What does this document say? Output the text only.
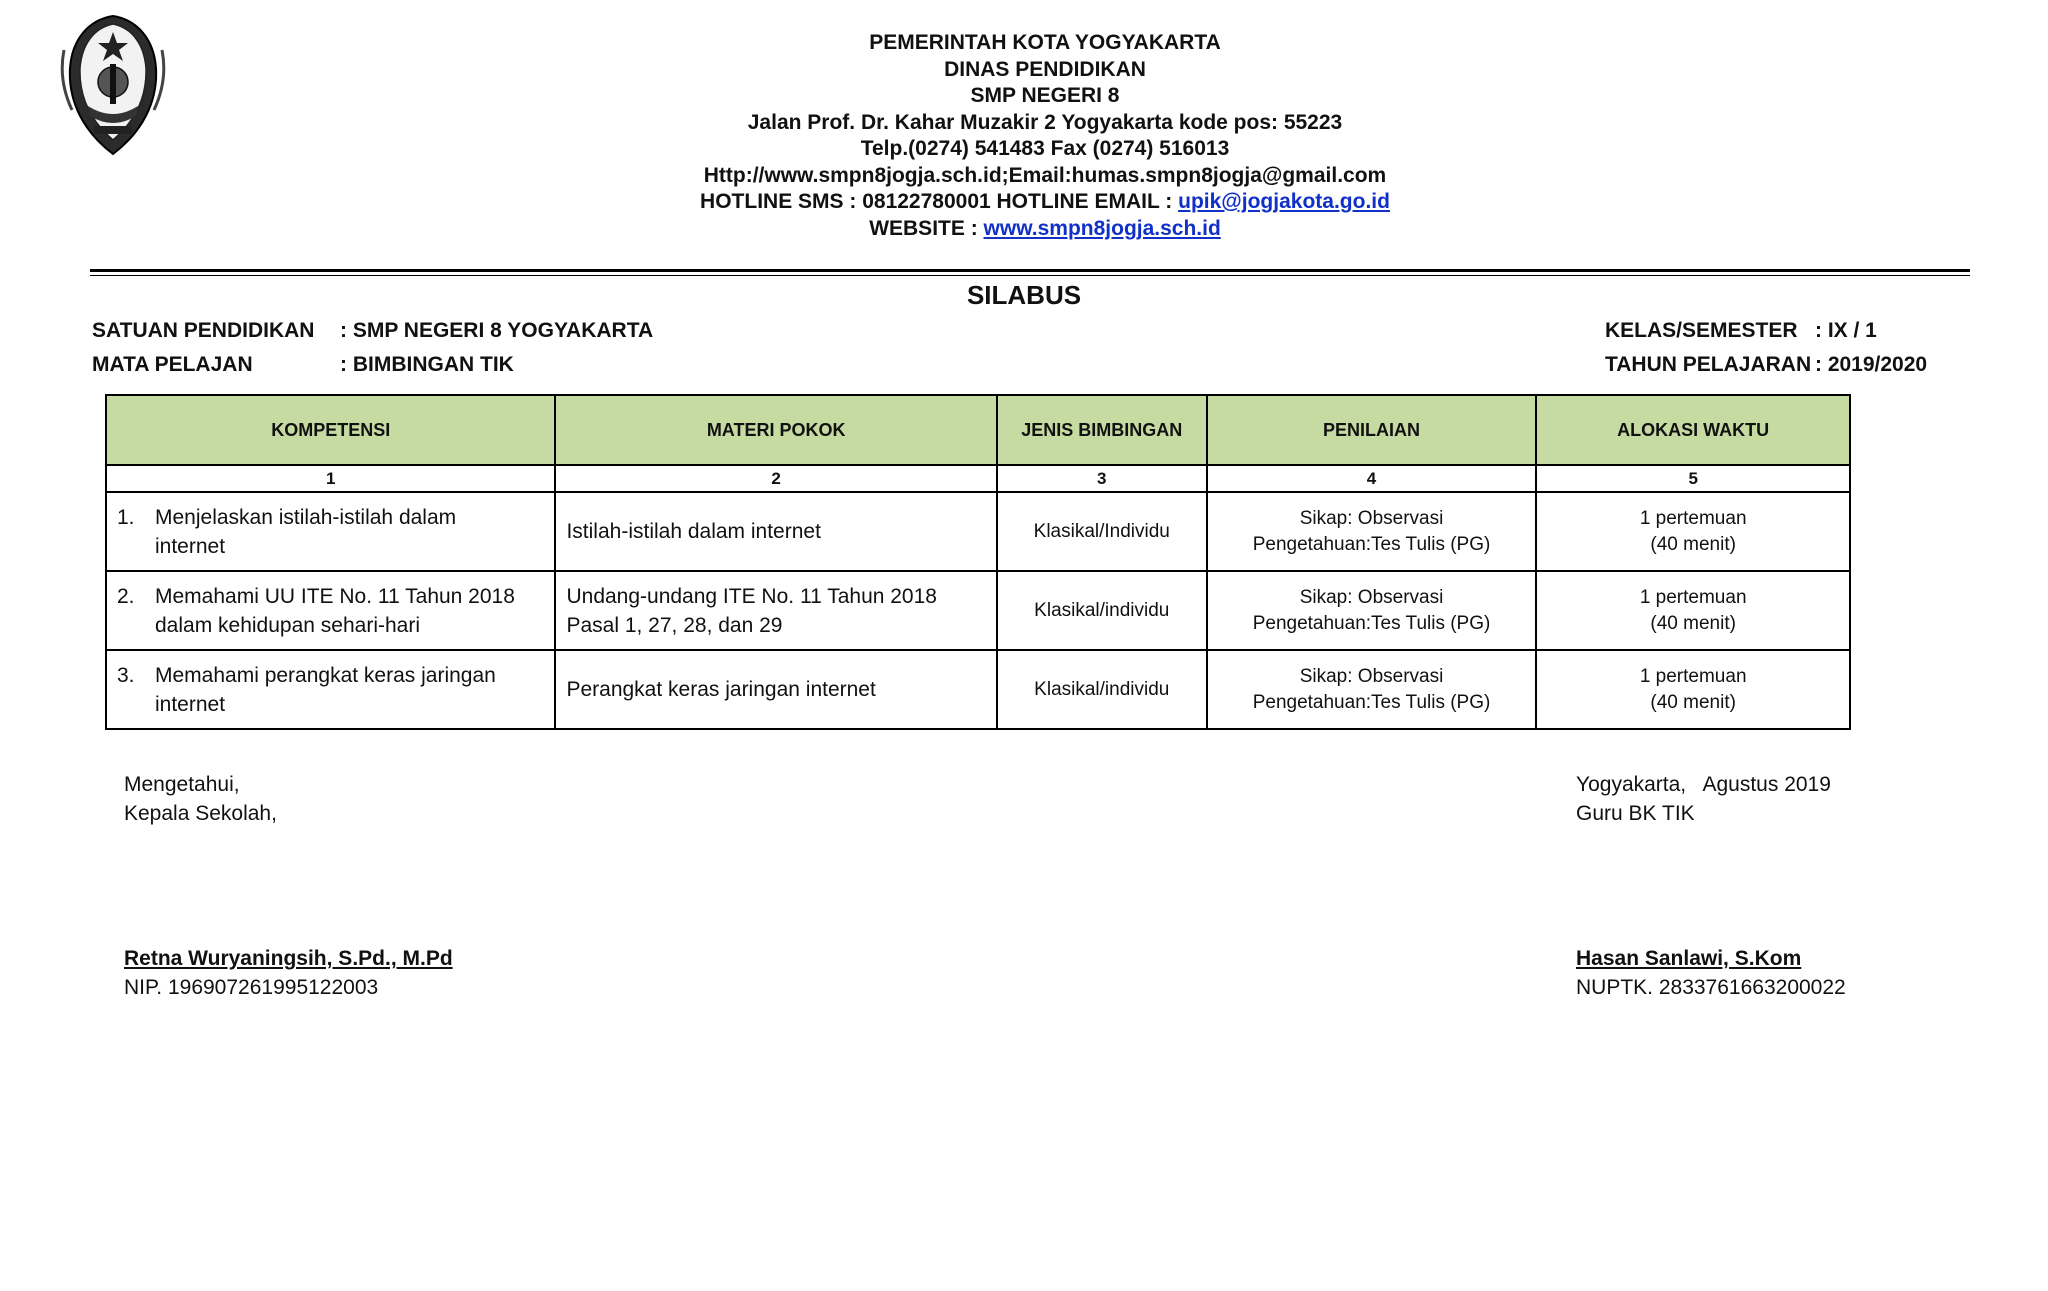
PEMERINTAH KOTA YOGYAKARTA
DINAS PENDIDIKAN
SMP NEGERI 8
Jalan Prof. Dr. Kahar Muzakir 2 Yogyakarta kode pos: 55223
Telp.(0274) 541483 Fax (0274) 516013
Http://www.smpn8jogja.sch.id;Email:humas.smpn8jogja@gmail.com
HOTLINE SMS : 08122780001 HOTLINE EMAIL : upik@jogjakota.go.id
WEBSITE : www.smpn8jogja.sch.id
SILABUS
SATUAN PENDIDIKAN	: SMP NEGERI 8 YOGYAKARTA
MATA PELAJAN	: BIMBINGAN TIK
KELAS/SEMESTER : IX / 1
TAHUN PELAJARAN : 2019/2020
KOMPETENSI	MATERI POKOK	JENIS BIMBINGAN	PENILAIAN	ALOKASI WAKTU
1	2	3	4	5

1. Menjelaskan istilah-istilah dalam
internet	Istilah-istilah dalam internet	Klasikal/Individu	Sikap: Observasi
Pengetahuan:Tes Tulis (PG)	1 pertemuan
(40 menit)

2. Memahami UU ITE No. 11 Tahun 2018
dalam kehidupan sehari-hari	Undang-undang ITE No. 11 Tahun 2018
Pasal 1, 27, 28, dan 29	Klasikal/individu	Sikap: Observasi
Pengetahuan:Tes Tulis (PG)	1 pertemuan
(40 menit)

3. Memahami perangkat keras jaringan
internet	Perangkat keras jaringan internet	Klasikal/individu	Sikap: Observasi
Pengetahuan:Tes Tulis (PG)	1 pertemuan
(40 menit)
Mengetahui,
Kepala Sekolah,
Retna Wuryaningsih, S.Pd., M.Pd
NIP. 196907261995122003
Yogyakarta,   Agustus 2019
Guru BK TIK
Hasan Sanlawi, S.Kom
NUPTK. 2833761663200022
